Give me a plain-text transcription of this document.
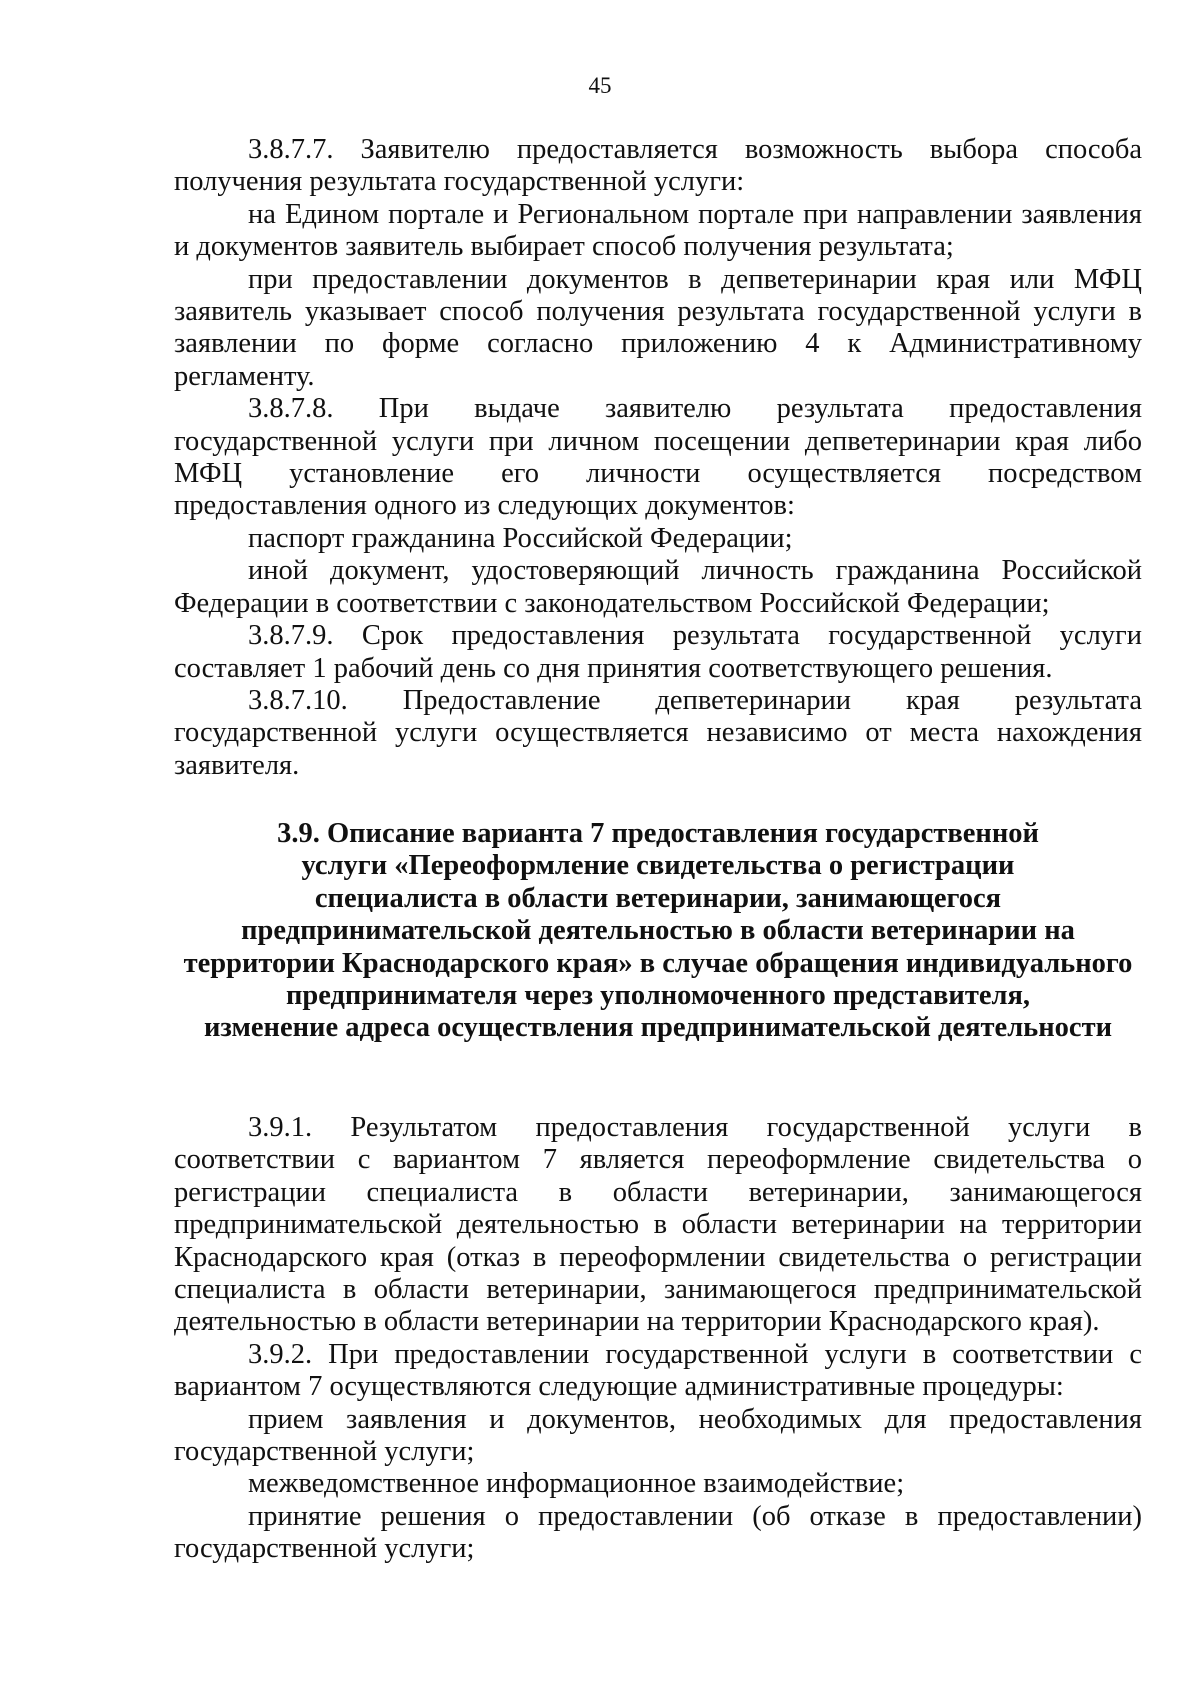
45

3.8.7.7. Заявителю предоставляется возможность выбора способа получения результата государственной услуги:

на Едином портале и Региональном портале при направлении заявления и документов заявитель выбирает способ получения результата;

при предоставлении документов в депветеринарии края или МФЦ заявитель указывает способ получения результата государственной услуги в заявлении по форме согласно приложению 4 к Административному регламенту.

3.8.7.8. При выдаче заявителю результата предоставления государственной услуги при личном посещении депветеринарии края либо МФЦ установление его личности осуществляется посредством предоставления одного из следующих документов:

паспорт гражданина Российской Федерации;

иной документ, удостоверяющий личность гражданина Российской Федерации в соответствии с законодательством Российской Федерации;

3.8.7.9. Срок предоставления результата государственной услуги составляет 1 рабочий день со дня принятия соответствующего решения.

3.8.7.10. Предоставление депветеринарии края результата государственной услуги осуществляется независимо от места нахождения заявителя.

3.9. Описание варианта 7 предоставления государственной
услуги «Переоформление свидетельства о регистрации
специалиста в области ветеринарии, занимающегося
предпринимательской деятельностью в области ветеринарии на
территории Краснодарского края» в случае обращения индивидуального
предпринимателя через уполномоченного представителя,
изменение адреса осуществления предпринимательской деятельности

3.9.1. Результатом предоставления государственной услуги в соответствии с вариантом 7 является переоформление свидетельства о регистрации специалиста в области ветеринарии, занимающегося предпринимательской деятельностью в области ветеринарии на территории Краснодарского края (отказ в переоформлении свидетельства о регистрации специалиста в области ветеринарии, занимающегося предпринимательской деятельностью в области ветеринарии на территории Краснодарского края).

3.9.2. При предоставлении государственной услуги в соответствии с вариантом 7 осуществляются следующие административные процедуры:

прием заявления и документов, необходимых для предоставления государственной услуги;

межведомственное информационное взаимодействие;

принятие решения о предоставлении (об отказе в предоставлении) государственной услуги;
